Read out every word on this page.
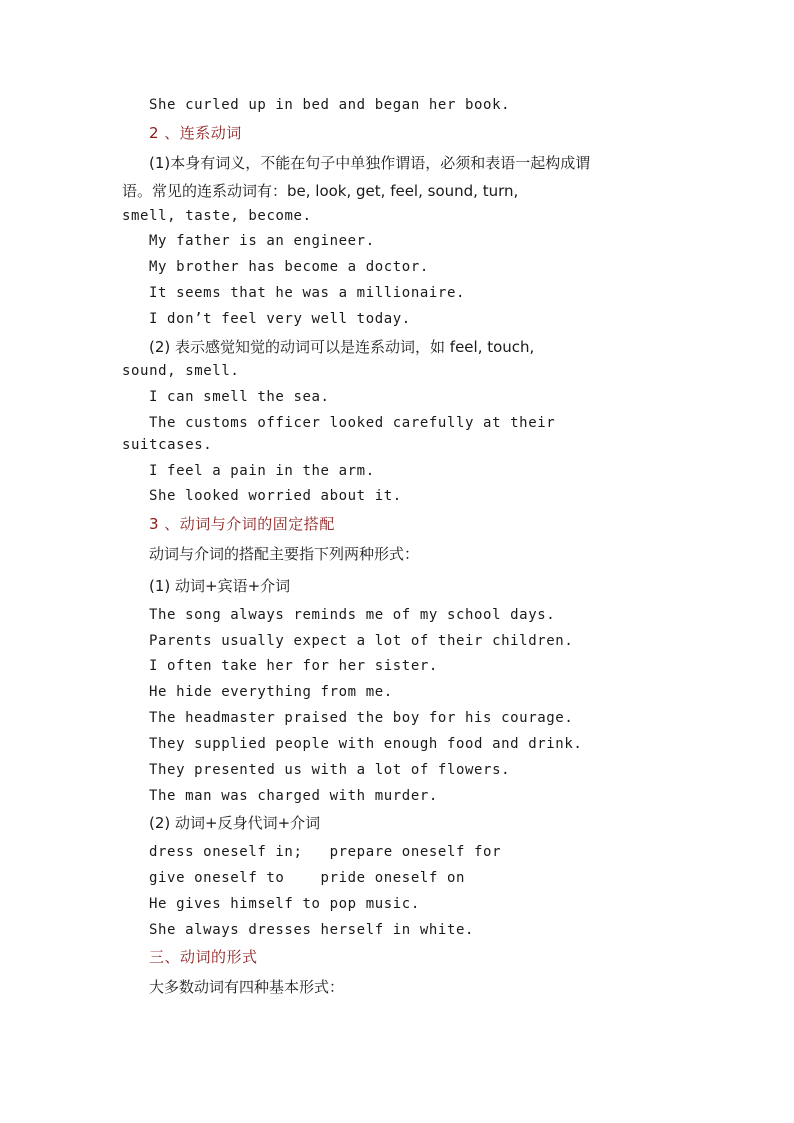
She curled up in bed and began her book.
2 、连系动词
(1)本身有词义，不能在句子中单独作谓语，必须和表语一起构成谓
语。常见的连系动词有：be, look, get, feel, sound, turn,
smell, taste, become.
My father is an engineer.
My brother has become a doctor.
It seems that he was a millionaire.
I don’t feel very well today.
(2) 表示感觉知觉的动词可以是连系动词，如 feel, touch,
sound, smell.
I can smell the sea.
The customs officer looked carefully at their
suitcases.
I feel a pain in the arm.
She looked worried about it.
3 、动词与介词的固定搭配
动词与介词的搭配主要指下列两种形式：
(1) 动词+宾语+介词
The song always reminds me of my school days.
Parents usually expect a lot of their children.
I often take her for her sister.
He hide everything from me.
The headmaster praised the boy for his courage.
They supplied people with enough food and drink.
They presented us with a lot of flowers.
The man was charged with murder.
(2) 动词+反身代词+介词
dress oneself in;   prepare oneself for
give oneself to    pride oneself on
He gives himself to pop music.
She always dresses herself in white.
三、动词的形式
大多数动词有四种基本形式：
